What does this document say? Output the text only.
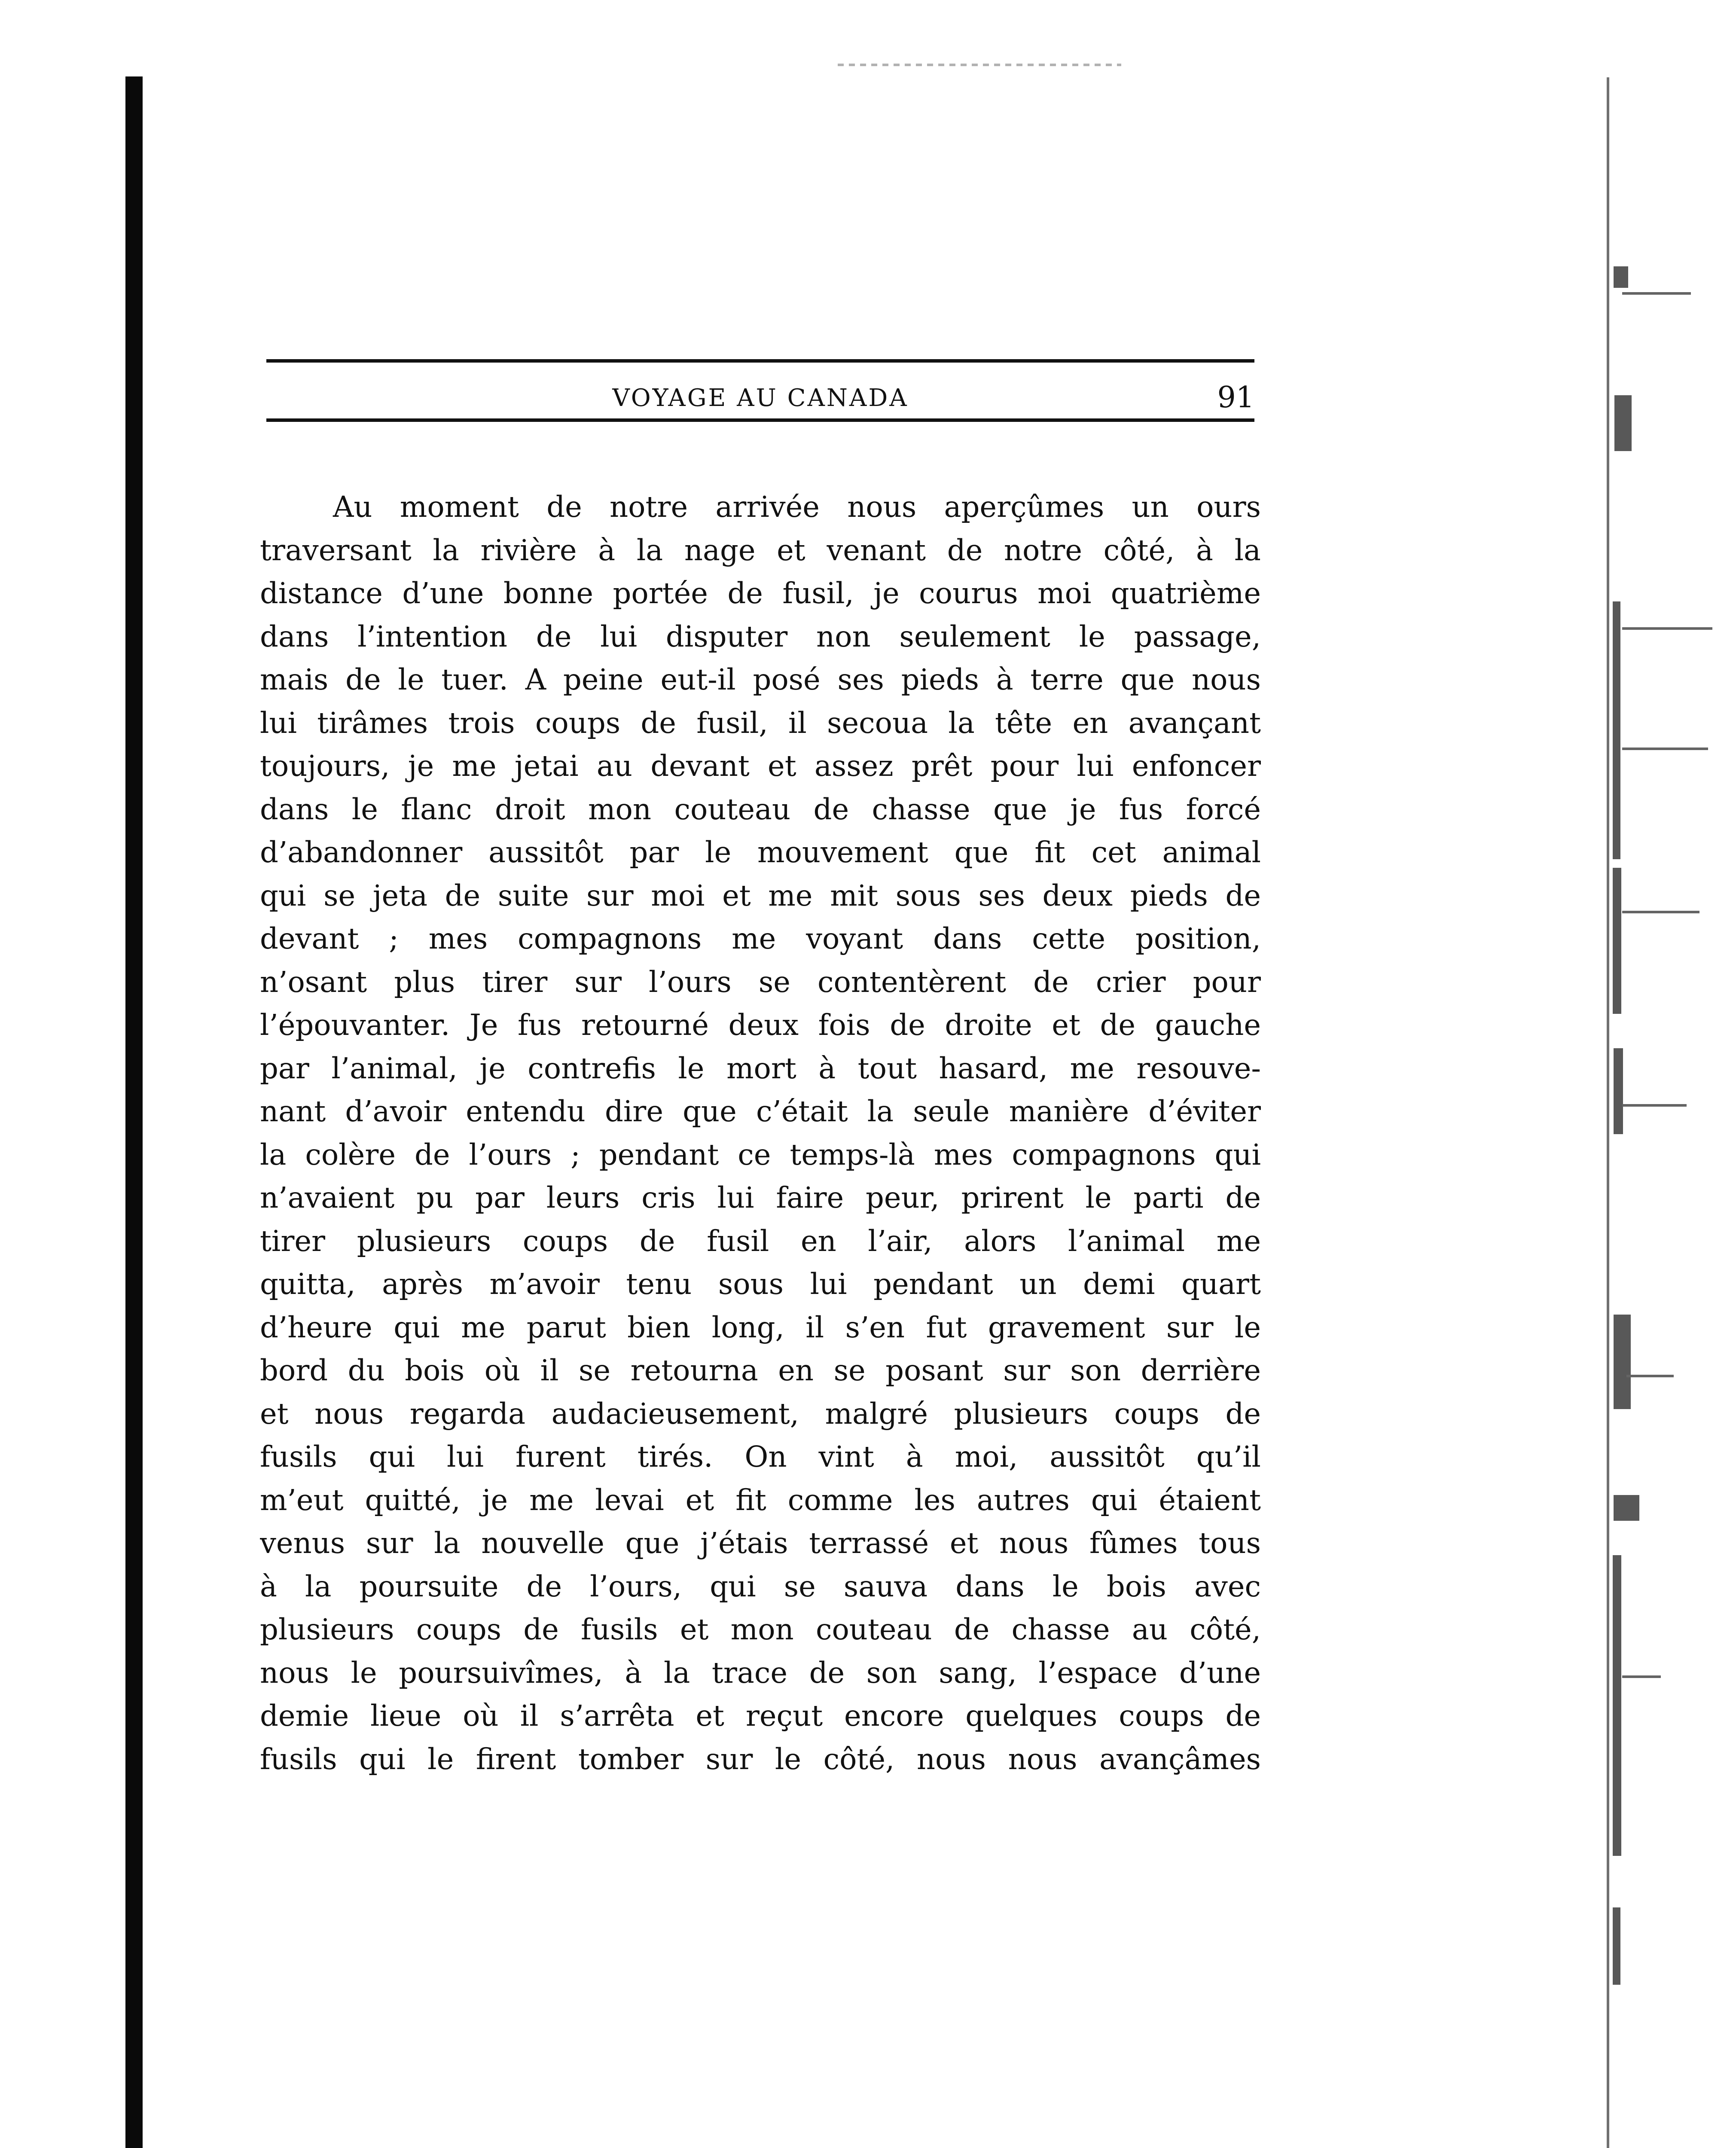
VOYAGE AU CANADA	91
Au moment de notre arrivée nous aperçûmes un ours
traversant la rivière à la nage et venant de notre côté, à la
distance d’une bonne portée de fusil, je courus moi quatrième
dans l’intention de lui disputer non seulement le passage,
mais de le tuer. A peine eut-il posé ses pieds à terre que nous
lui tirâmes trois coups de fusil, il secoua la tête en avançant
toujours, je me jetai au devant et assez prêt pour lui enfoncer
dans le flanc droit mon couteau de chasse que je fus forcé
d’abandonner aussitôt par le mouvement que fit cet animal
qui se jeta de suite sur moi et me mit sous ses deux pieds de
devant ; mes compagnons me voyant dans cette position,
n’osant plus tirer sur l’ours se contentèrent de crier pour
l’épouvanter. Je fus retourné deux fois de droite et de gauche
par l’animal, je contrefis le mort à tout hasard, me resouve-
nant d’avoir entendu dire que c’était la seule manière d’éviter
la colère de l’ours ; pendant ce temps-là mes compagnons qui
n’avaient pu par leurs cris lui faire peur, prirent le parti de
tirer plusieurs coups de fusil en l’air, alors l’animal me
quitta, après m’avoir tenu sous lui pendant un demi quart
d’heure qui me parut bien long, il s’en fut gravement sur le
bord du bois où il se retourna en se posant sur son derrière
et nous regarda audacieusement, malgré plusieurs coups de
fusils qui lui furent tirés. On vint à moi, aussitôt qu’il
m’eut quitté, je me levai et fit comme les autres qui étaient
venus sur la nouvelle que j’étais terrassé et nous fûmes tous
à la poursuite de l’ours, qui se sauva dans le bois avec
plusieurs coups de fusils et mon couteau de chasse au côté,
nous le poursuivîmes, à la trace de son sang, l’espace d’une
demie lieue où il s’arrêta et reçut encore quelques coups de
fusils qui le firent tomber sur le côté, nous nous avançâmes
